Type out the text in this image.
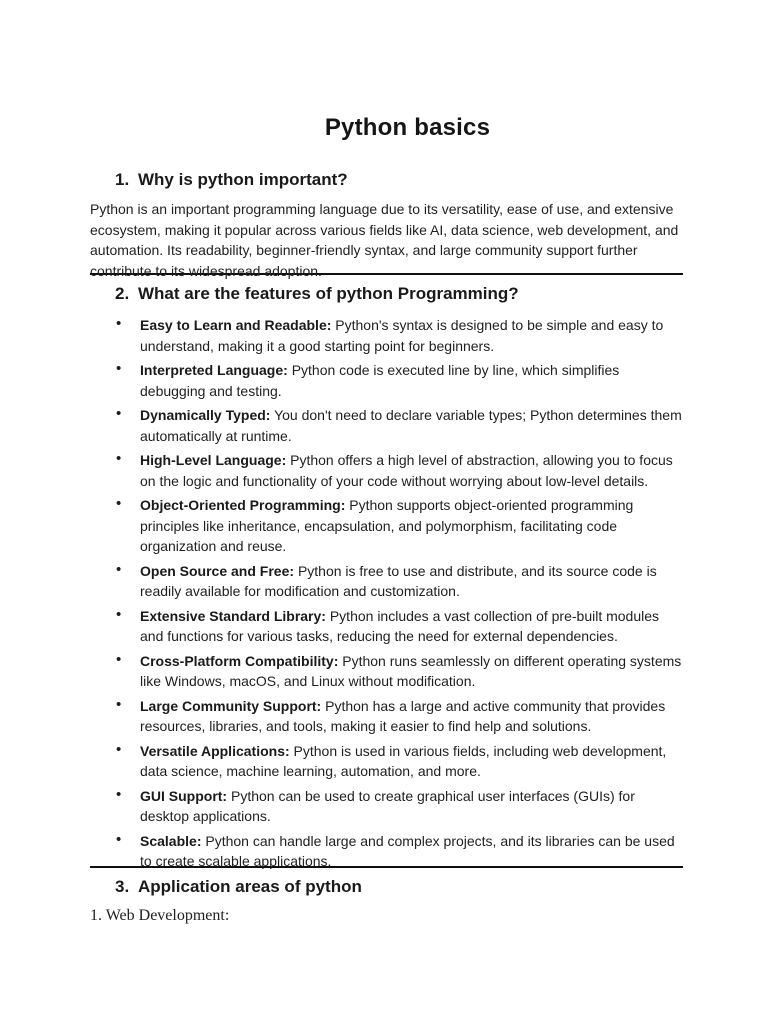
Python basics
1. Why is python important?

Python is an important programming language due to its versatility, ease of use, and extensive ecosystem, making it popular across various fields like AI, data science, web development, and automation. Its readability, beginner-friendly syntax, and large community support further contribute to its widespread adoption.

2. What are the features of python Programming?
• Easy to Learn and Readable: Python's syntax is designed to be simple and easy to understand, making it a good starting point for beginners.
• Interpreted Language: Python code is executed line by line, which simplifies debugging and testing.
• Dynamically Typed: You don't need to declare variable types; Python determines them automatically at runtime.
• High-Level Language: Python offers a high level of abstraction, allowing you to focus on the logic and functionality of your code without worrying about low-level details.
• Object-Oriented Programming: Python supports object-oriented programming principles like inheritance, encapsulation, and polymorphism, facilitating code organization and reuse.
• Open Source and Free: Python is free to use and distribute, and its source code is readily available for modification and customization.
• Extensive Standard Library: Python includes a vast collection of pre-built modules and functions for various tasks, reducing the need for external dependencies.
• Cross-Platform Compatibility: Python runs seamlessly on different operating systems like Windows, macOS, and Linux without modification.
• Large Community Support: Python has a large and active community that provides resources, libraries, and tools, making it easier to find help and solutions.
• Versatile Applications: Python is used in various fields, including web development, data science, machine learning, automation, and more.
• GUI Support: Python can be used to create graphical user interfaces (GUIs) for desktop applications.
• Scalable: Python can handle large and complex projects, and its libraries can be used to create scalable applications.
3. Application areas of python

1. Web Development:
